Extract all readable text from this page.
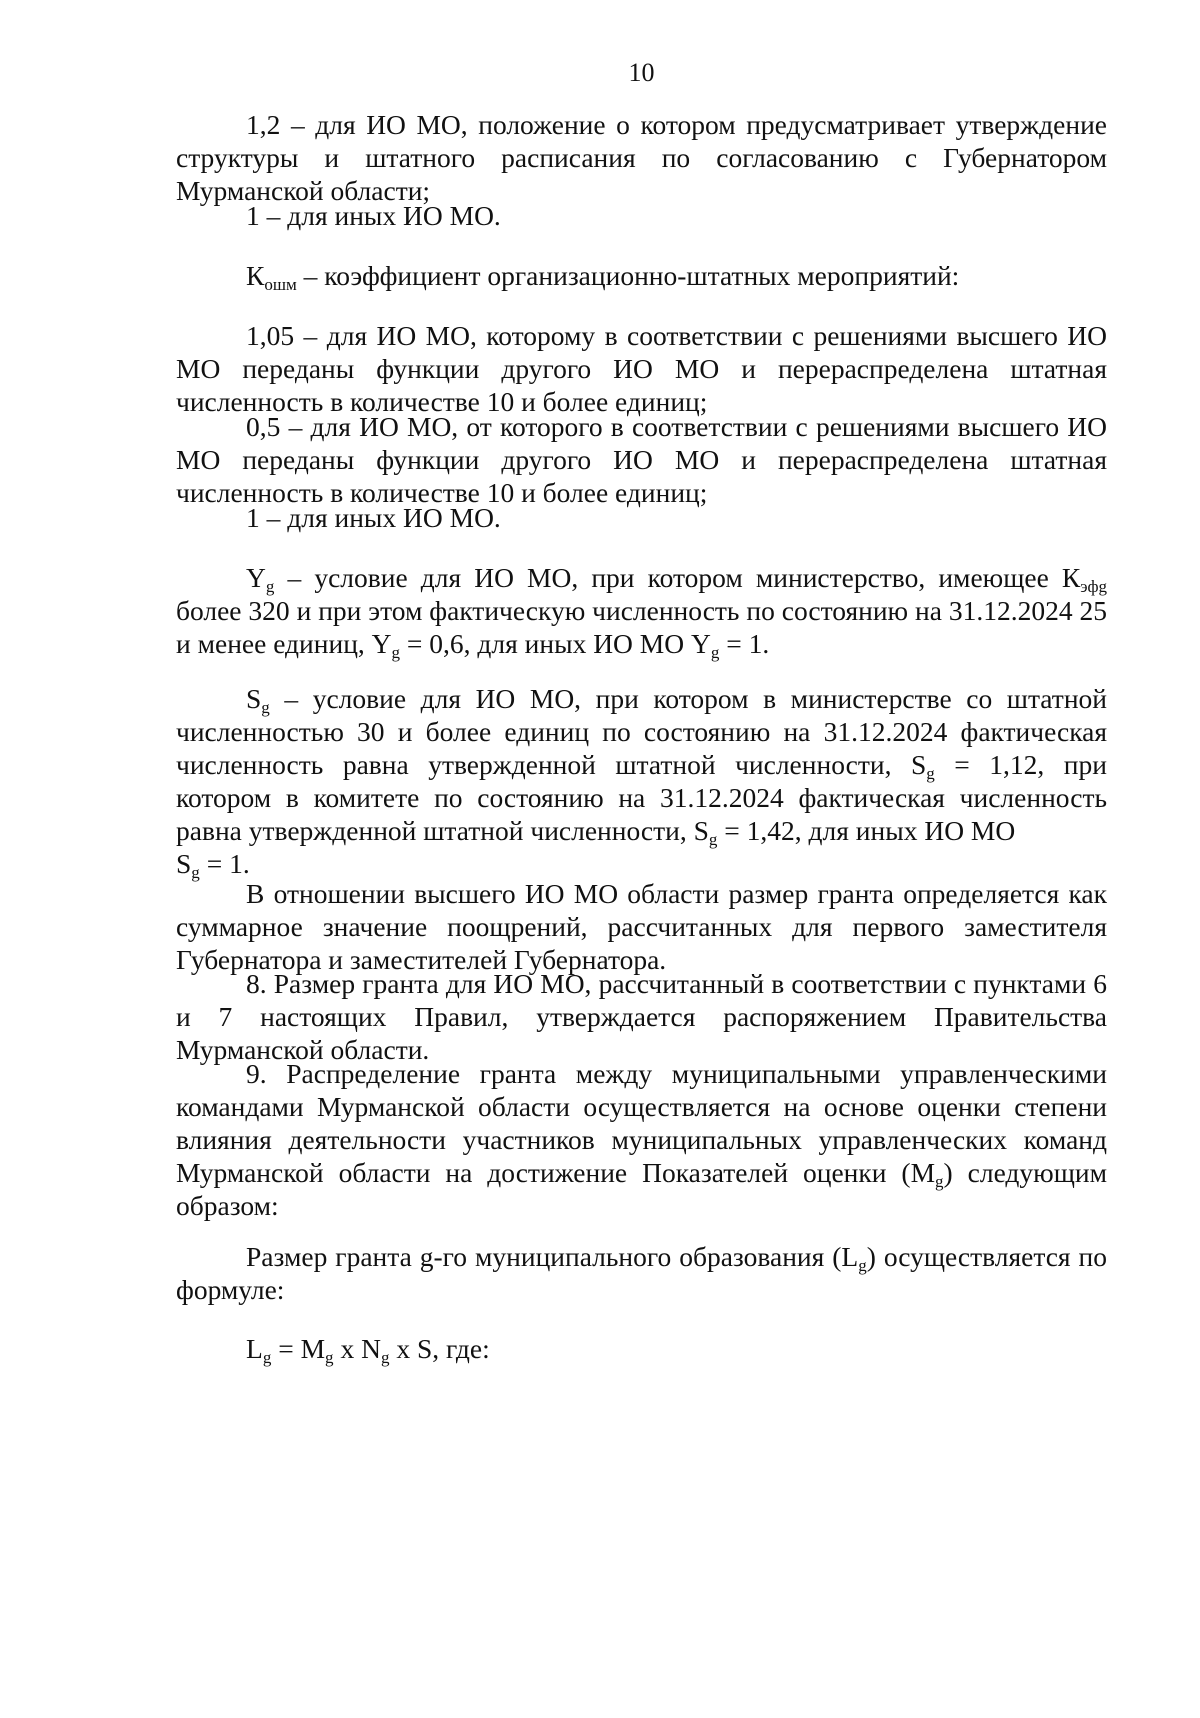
10

1,2 – для ИО МО, положение о котором предусматривает утверждение структуры и штатного расписания по согласованию с Губернатором Мурманской области;

1 – для иных ИО МО.

$К_{ошм}$ – коэффициент организационно-штатных мероприятий:

1,05 – для ИО МО, которому в соответствии с решениями высшего ИО МО переданы функции другого ИО МО и перераспределена штатная численность в количестве 10 и более единиц;

0,5 – для ИО МО, от которого в соответствии с решениями высшего ИО МО переданы функции другого ИО МО и перераспределена штатная численность в количестве 10 и более единиц;

1 – для иных ИО МО.

$Y_g$ – условие для ИО МО, при котором министерство, имеющее $К_{эфg}$ более 320 и при этом фактическую численность по состоянию на 31.12.2024 25 и менее единиц, $Y_g = 0,6$, для иных ИО МО $Y_g = 1$.

$S_g$ – условие для ИО МО, при котором в министерстве со штатной численностью 30 и более единиц по состоянию на 31.12.2024 фактическая численность равна утвержденной штатной численности, $S_g = 1,12$, при котором в комитете по состоянию на 31.12.2024 фактическая численность равна утвержденной штатной численности, $S_g = 1,42$, для иных ИО МО

$S_g = 1$.

В отношении высшего ИО МО области размер гранта определяется как суммарное значение поощрений, рассчитанных для первого заместителя Губернатора и заместителей Губернатора.

8. Размер гранта для ИО МО, рассчитанный в соответствии с пунктами 6 и 7 настоящих Правил, утверждается распоряжением Правительства Мурманской области.

9. Распределение гранта между муниципальными управленческими командами Мурманской области осуществляется на основе оценки степени влияния деятельности участников муниципальных управленческих команд Мурманской области на достижение Показателей оценки $(M_g)$ следующим образом:

Размер гранта g-го муниципального образования $(L_g)$ осуществляется по формуле:

$L_g = M_g$ x $N_g$ x S, где:
